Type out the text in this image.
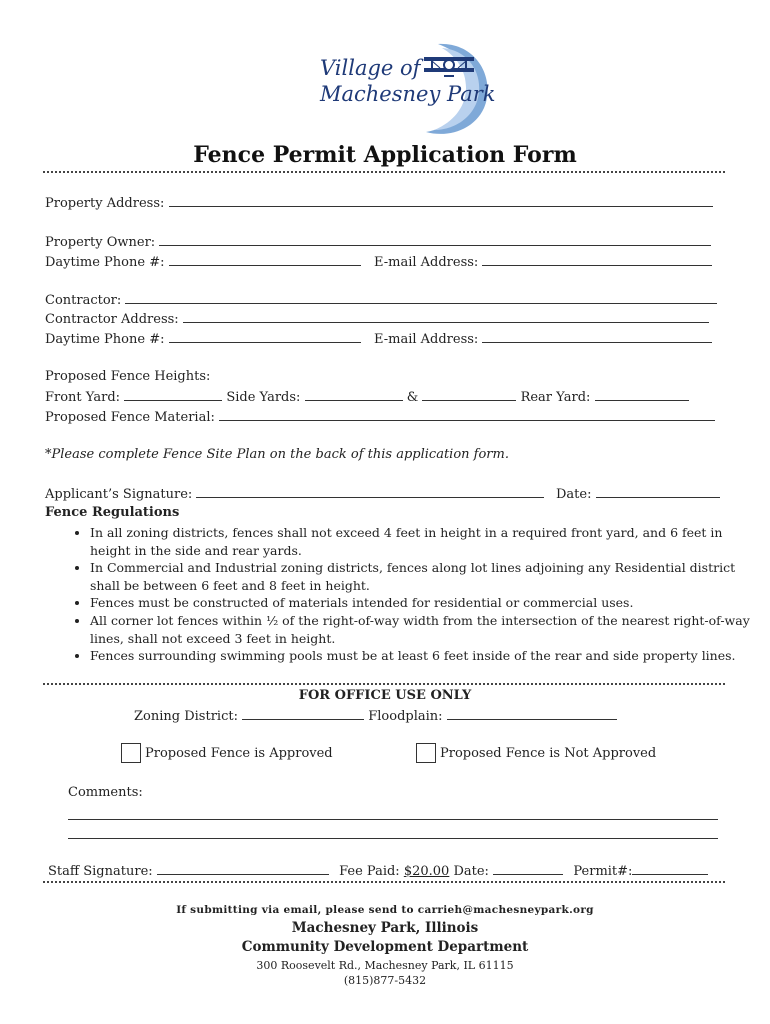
Village of
Machesney Park
Fence Permit Application Form
Property Address:
Property Owner:
Daytime Phone #:	E-mail Address:
Contractor:
Contractor Address:
Daytime Phone #:	E-mail Address:
Proposed Fence Heights:
Front Yard:	Side Yards:	&	Rear Yard:
Proposed Fence Material:
*Please complete Fence Site Plan on the back of this application form.
Applicant’s Signature:	Date:
Fence Regulations
• In all zoning districts, fences shall not exceed 4 feet in height in a required front yard, and 6 feet in height in the side and rear yards.
• In Commercial and Industrial zoning districts, fences along lot lines adjoining any Residential district shall be between 6 feet and 8 feet in height.
• Fences must be constructed of materials intended for residential or commercial uses.
• All corner lot fences within ½ of the right-of-way width from the intersection of the nearest right-of-way lines, shall not exceed 3 feet in height.
• Fences surrounding swimming pools must be at least 6 feet inside of the rear and side property lines.
FOR OFFICE USE ONLY
Zoning District:	Floodplain:
Proposed Fence is Approved	Proposed Fence is Not Approved
Comments:
Staff Signature:	Fee Paid: $20.00 Date:	Permit#:
If submitting via email, please send to carrieh@machesneypark.org
Machesney Park, Illinois
Community Development Department
300 Roosevelt Rd., Machesney Park, IL 61115
(815)877-5432
